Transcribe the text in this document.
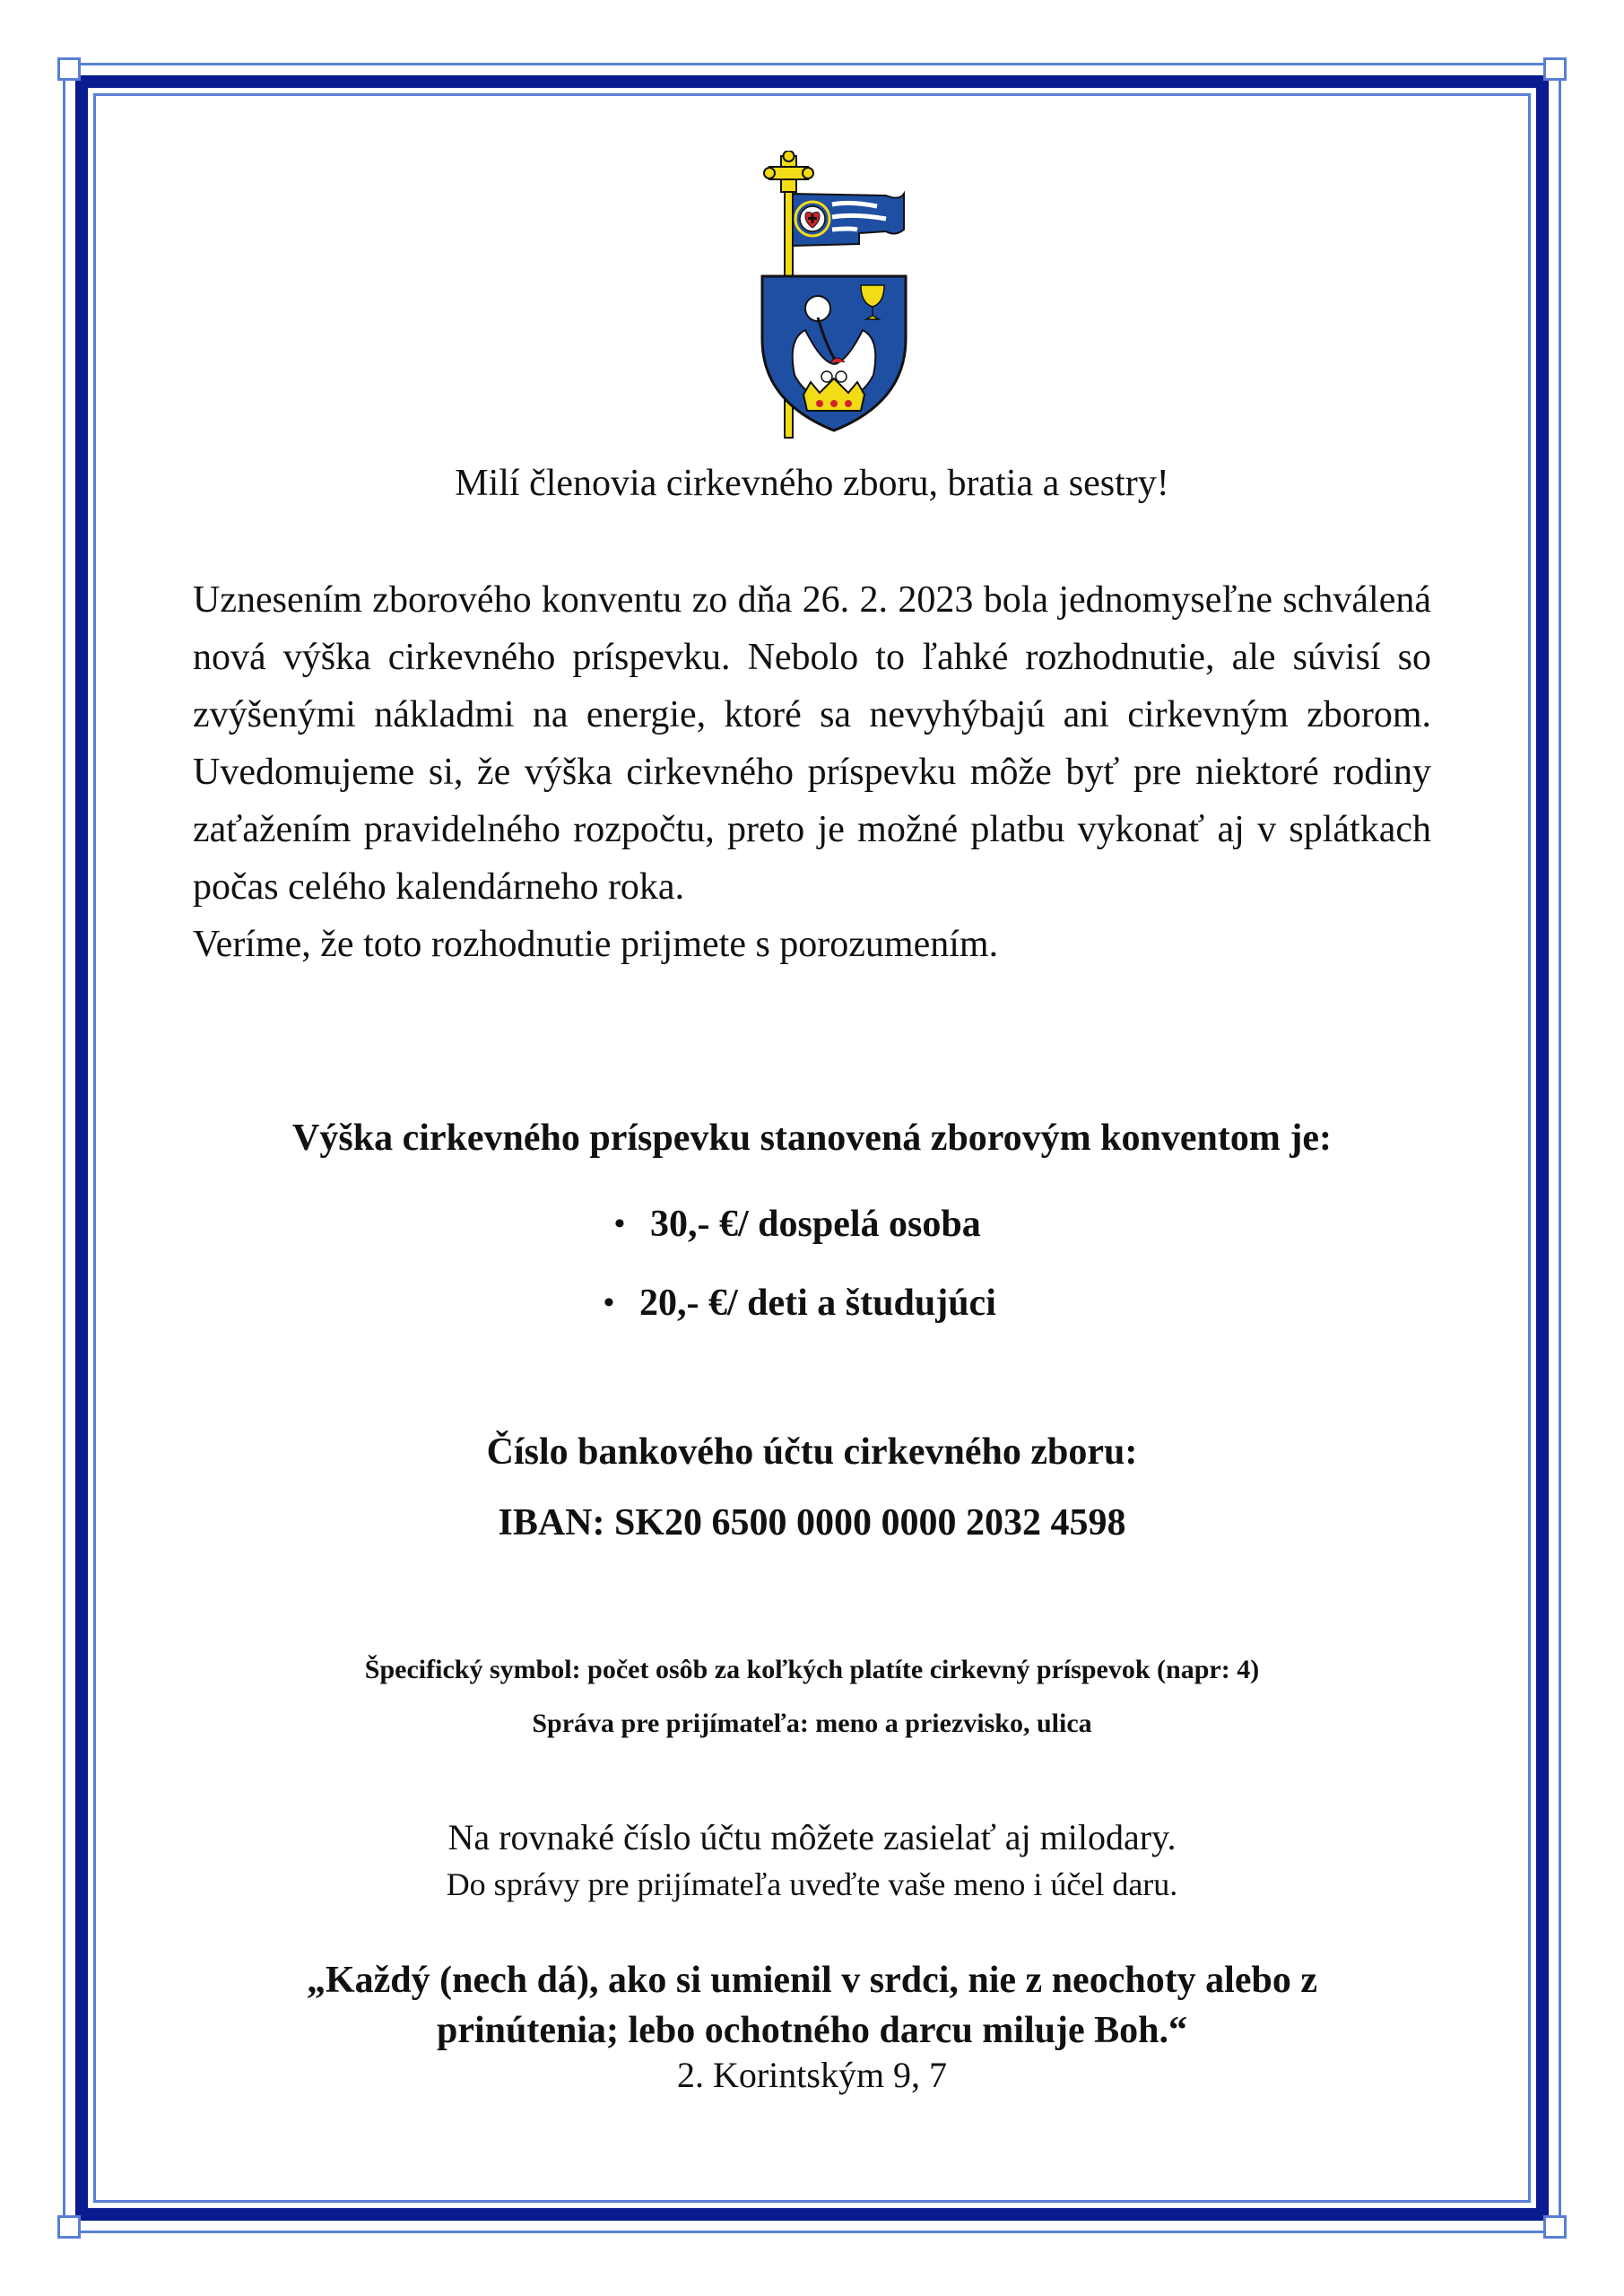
Milí členovia cirkevného zboru, bratia a sestry!

Uznesením zborového konventu zo dňa 26. 2. 2023 bola jednomyseľne schválená nová výška cirkevného príspevku. Nebolo to ľahké rozhodnutie, ale súvisí so zvýšenými nákladmi na energie, ktoré sa nevyhýbajú ani cirkevným zborom. Uvedomujeme si, že výška cirkevného príspevku môže byť pre niektoré rodiny zaťažením pravidelného rozpočtu, preto je možné platbu vykonať aj v splátkach počas celého kalendárneho roka.

Veríme, že toto rozhodnutie prijmete s porozumením.

Výška cirkevného príspevku stanovená zborovým konventom je:
• 30,- €/ dospelá osoba
• 20,- €/ deti a študujúci
Číslo bankového účtu cirkevného zboru:
IBAN: SK20 6500 0000 0000 2032 4598
Špecifický symbol: počet osôb za koľkých platíte cirkevný príspevok (napr: 4)
Správa pre prijímateľa: meno a priezvisko, ulica
Na rovnaké číslo účtu môžete zasielať aj milodary.
Do správy pre prijímateľa uveďte vaše meno i účel daru.
„Každý (nech dá), ako si umienil v srdci, nie z neochoty alebo z
prinútenia; lebo ochotného darcu miluje Boh.“
2. Korintským 9, 7
